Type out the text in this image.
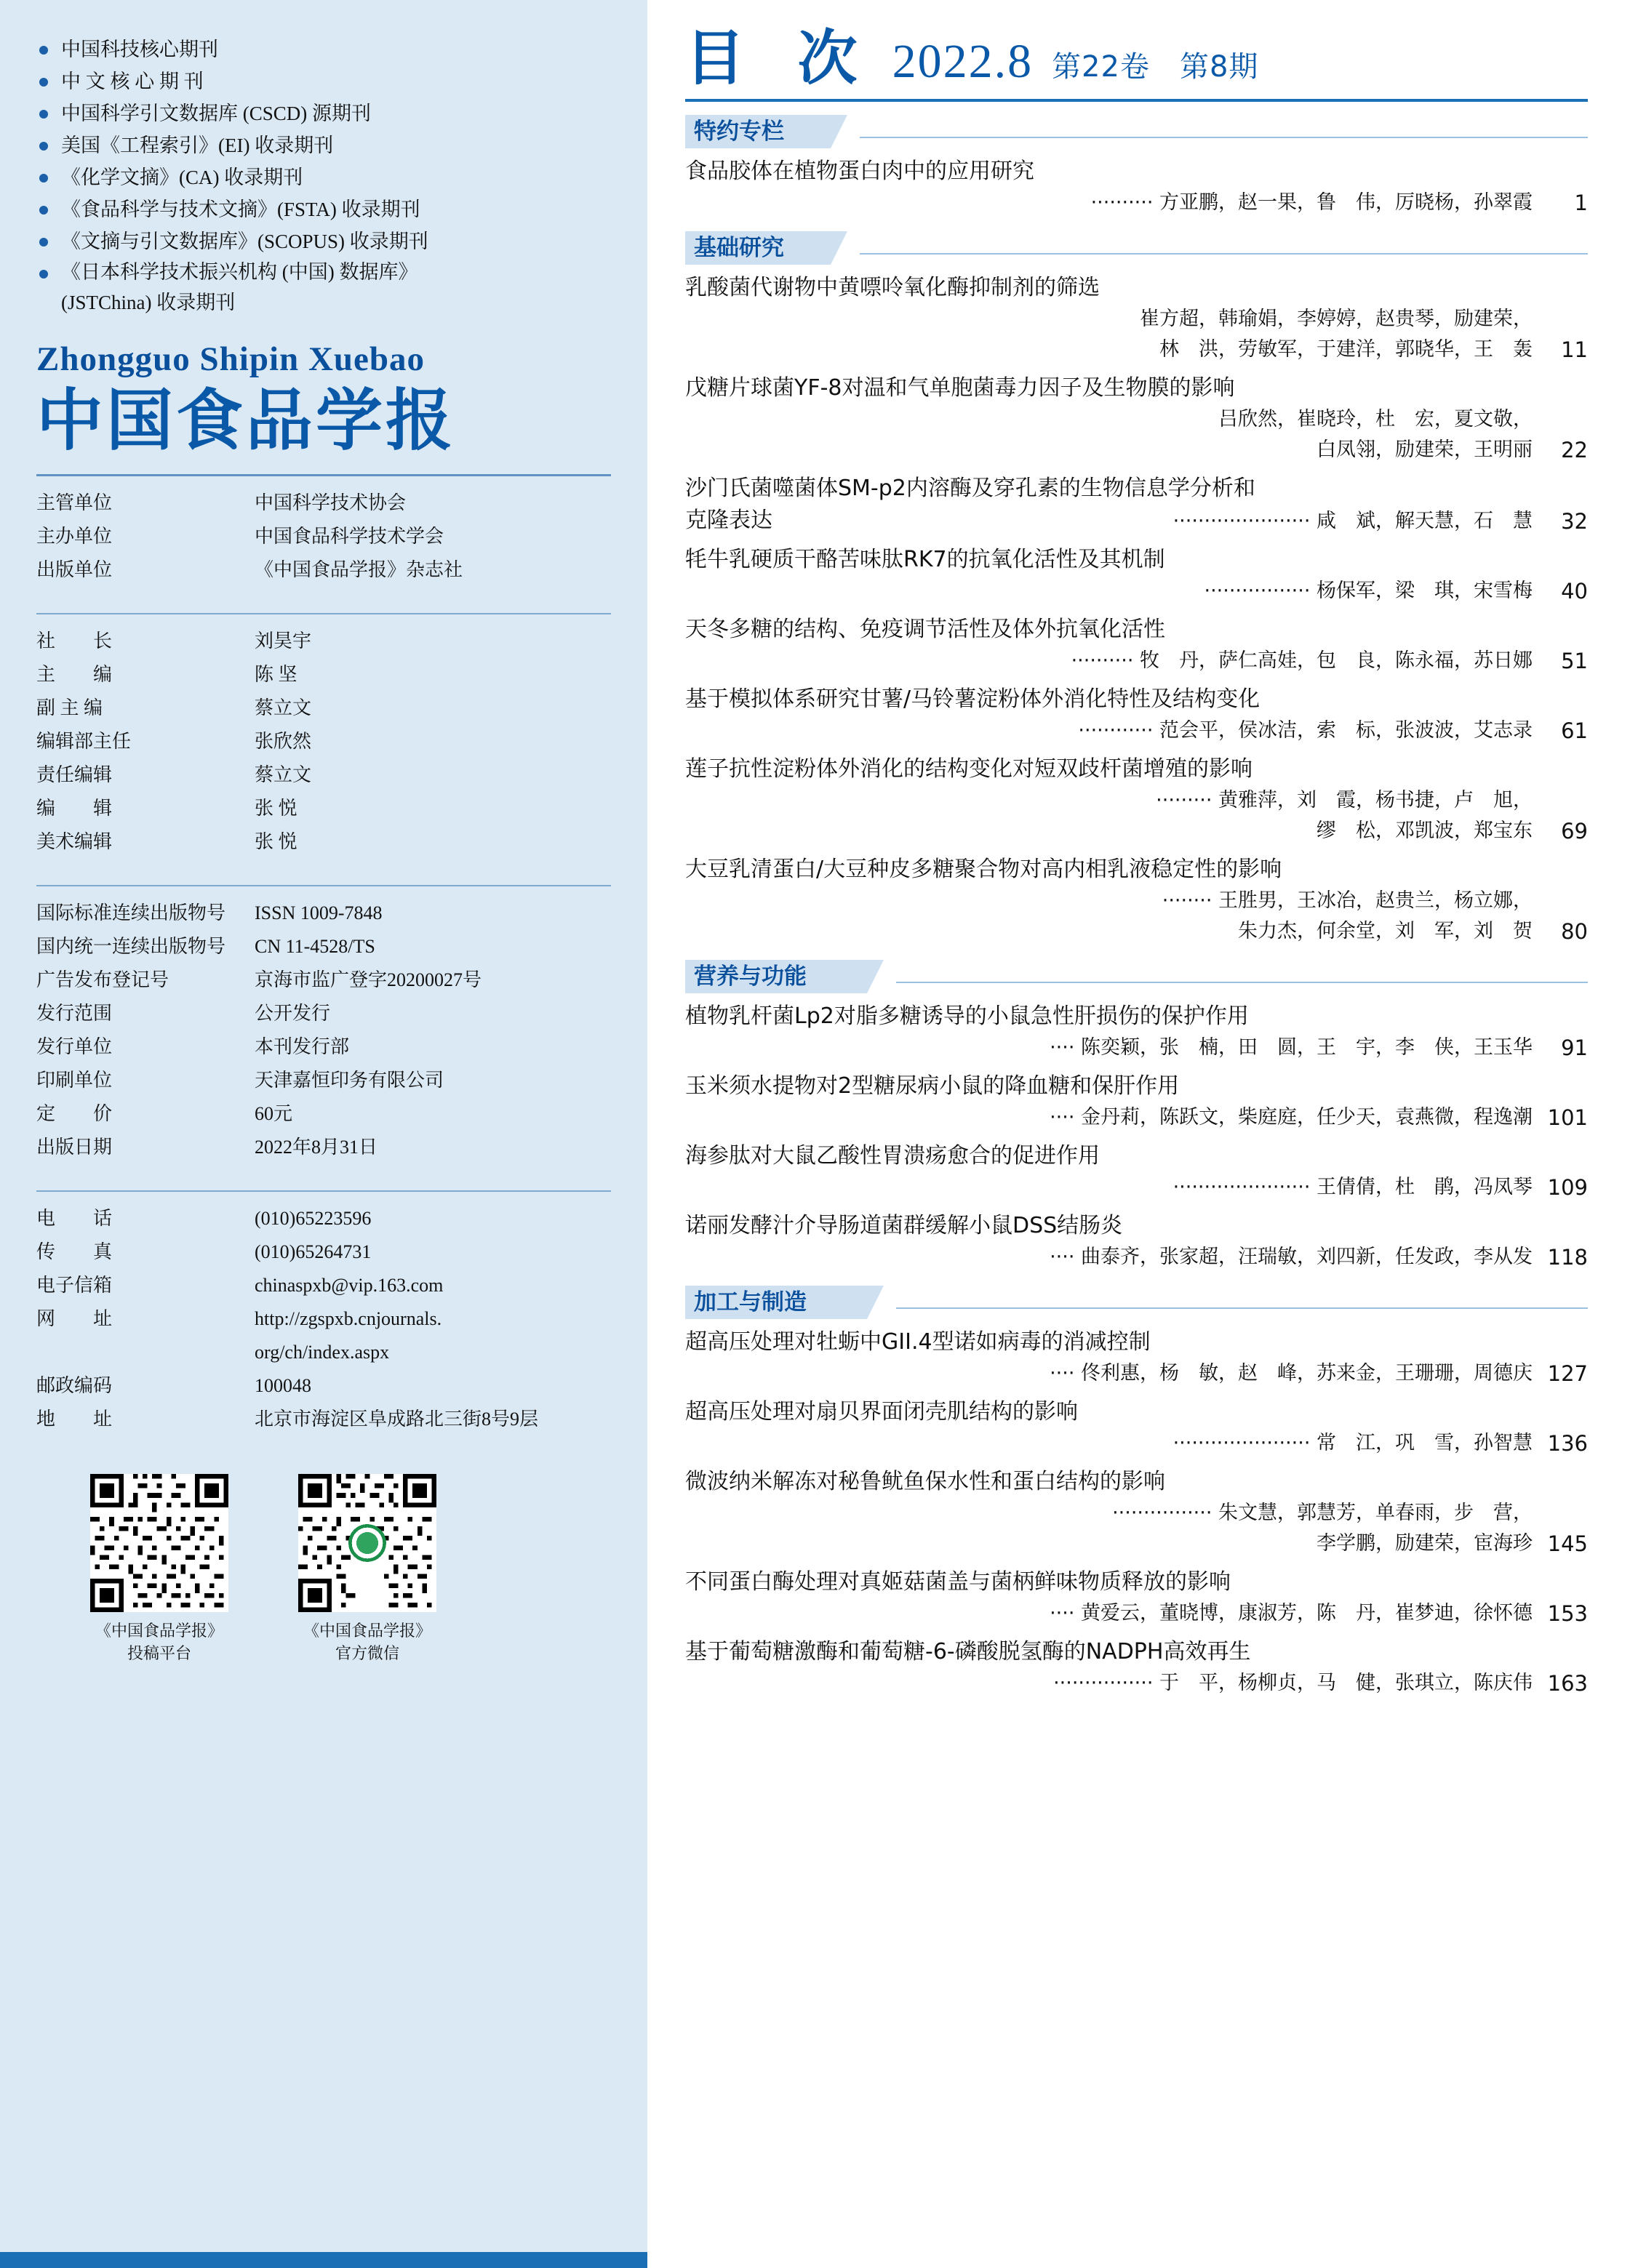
中国科技核心期刊
中 文 核 心 期 刊
中国科学引文数据库 (CSCD) 源期刊
美国《工程索引》(EI) 收录期刊
《化学文摘》(CA) 收录期刊
《食品科学与技术文摘》(FSTA) 收录期刊
《文摘与引文数据库》(SCOPUS) 收录期刊
《日本科学技术振兴机构 (中国) 数据库》
(JSTChina) 收录期刊
Zhongguo Shipin Xuebao
中国食品学报
主管单位	中国科学技术协会
主办单位	中国食品科学技术学会
出版单位	《中国食品学报》杂志社
社　　长	刘昊宇
主　　编	陈 坚
副 主 编	蔡立文
编辑部主任	张欣然
责任编辑	蔡立文
编　　辑	张 悦
美术编辑	张 悦
国际标准连续出版物号	ISSN 1009-7848
国内统一连续出版物号	CN 11-4528/TS
广告发布登记号	京海市监广登字20200027号
发行范围	公开发行
发行单位	本刊发行部
印刷单位	天津嘉恒印务有限公司
定　　价	60元
出版日期	2022年8月31日
电　　话	(010)65223596
传　　真	(010)65264731
电子信箱	chinaspxb@vip.163.com
网　　址	http://zgspxb.cnjournals.
org/ch/index.aspx
邮政编码	100048
地　　址	北京市海淀区阜成路北三街8号9层
《中国食品学报》
投稿平台
《中国食品学报》
官方微信
目 次 2022.8 第22卷　第8期
特约专栏
食品胶体在植物蛋白肉中的应用研究
·········· 方亚鹏，赵一果，鲁　伟，厉晓杨，孙翠霞	1
基础研究
乳酸菌代谢物中黄嘌呤氧化酶抑制剂的筛选
崔方超，韩瑜娟，李婷婷，赵贵琴，励建荣，
林　洪，劳敏军，于建洋，郭晓华，王　轰	11
戊糖片球菌YF-8对温和气单胞菌毒力因子及生物膜的影响
吕欣然，崔晓玲，杜　宏，夏文敬，
白凤翎，励建荣，王明丽	22
沙门氏菌噬菌体SM-p2内溶酶及穿孔素的生物信息学分析和
克隆表达	······················ 咸　斌，解天慧，石　慧	32
牦牛乳硬质干酪苦味肽RK7的抗氧化活性及其机制
················· 杨保军，梁　琪，宋雪梅	40
天冬多糖的结构、免疫调节活性及体外抗氧化活性
·········· 牧　丹，萨仁高娃，包　良，陈永福，苏日娜	51
基于模拟体系研究甘薯/马铃薯淀粉体外消化特性及结构变化
············ 范会平，侯冰洁，索　标，张波波，艾志录	61
莲子抗性淀粉体外消化的结构变化对短双歧杆菌增殖的影响
········· 黄雅萍，刘　霞，杨书捷，卢　旭，
缪　松，邓凯波，郑宝东	69
大豆乳清蛋白/大豆种皮多糖聚合物对高内相乳液稳定性的影响
········ 王胜男，王冰冶，赵贵兰，杨立娜，
朱力杰，何余堂，刘　军，刘　贺	80
营养与功能
植物乳杆菌Lp2对脂多糖诱导的小鼠急性肝损伤的保护作用
···· 陈奕颖，张　楠，田　圆，王　宇，李　侠，王玉华	91
玉米须水提物对2型糖尿病小鼠的降血糖和保肝作用
···· 金丹莉，陈跃文，柴庭庭，任少天，袁燕微，程逸潮 101
海参肽对大鼠乙酸性胃溃疡愈合的促进作用
······················ 王倩倩，杜　鹃，冯凤琴 109
诺丽发酵汁介导肠道菌群缓解小鼠DSS结肠炎
···· 曲泰齐，张家超，汪瑞敏，刘四新，任发政，李从发 118
加工与制造
超高压处理对牡蛎中GII.4型诺如病毒的消减控制
···· 佟利惠，杨　敏，赵　峰，苏来金，王珊珊，周德庆 127
超高压处理对扇贝界面闭壳肌结构的影响
······················ 常　江，巩　雪，孙智慧 136
微波纳米解冻对秘鲁鱿鱼保水性和蛋白结构的影响
················ 朱文慧，郭慧芳，单春雨，步　营，
李学鹏，励建荣，宦海珍 145
不同蛋白酶处理对真姬菇菌盖与菌柄鲜味物质释放的影响
···· 黄爱云，董晓博，康淑芳，陈　丹，崔梦迪，徐怀德 153
基于葡萄糖激酶和葡萄糖-6-磷酸脱氢酶的NADPH高效再生
················ 于　平，杨柳贞，马　健，张琪立，陈庆伟 163
